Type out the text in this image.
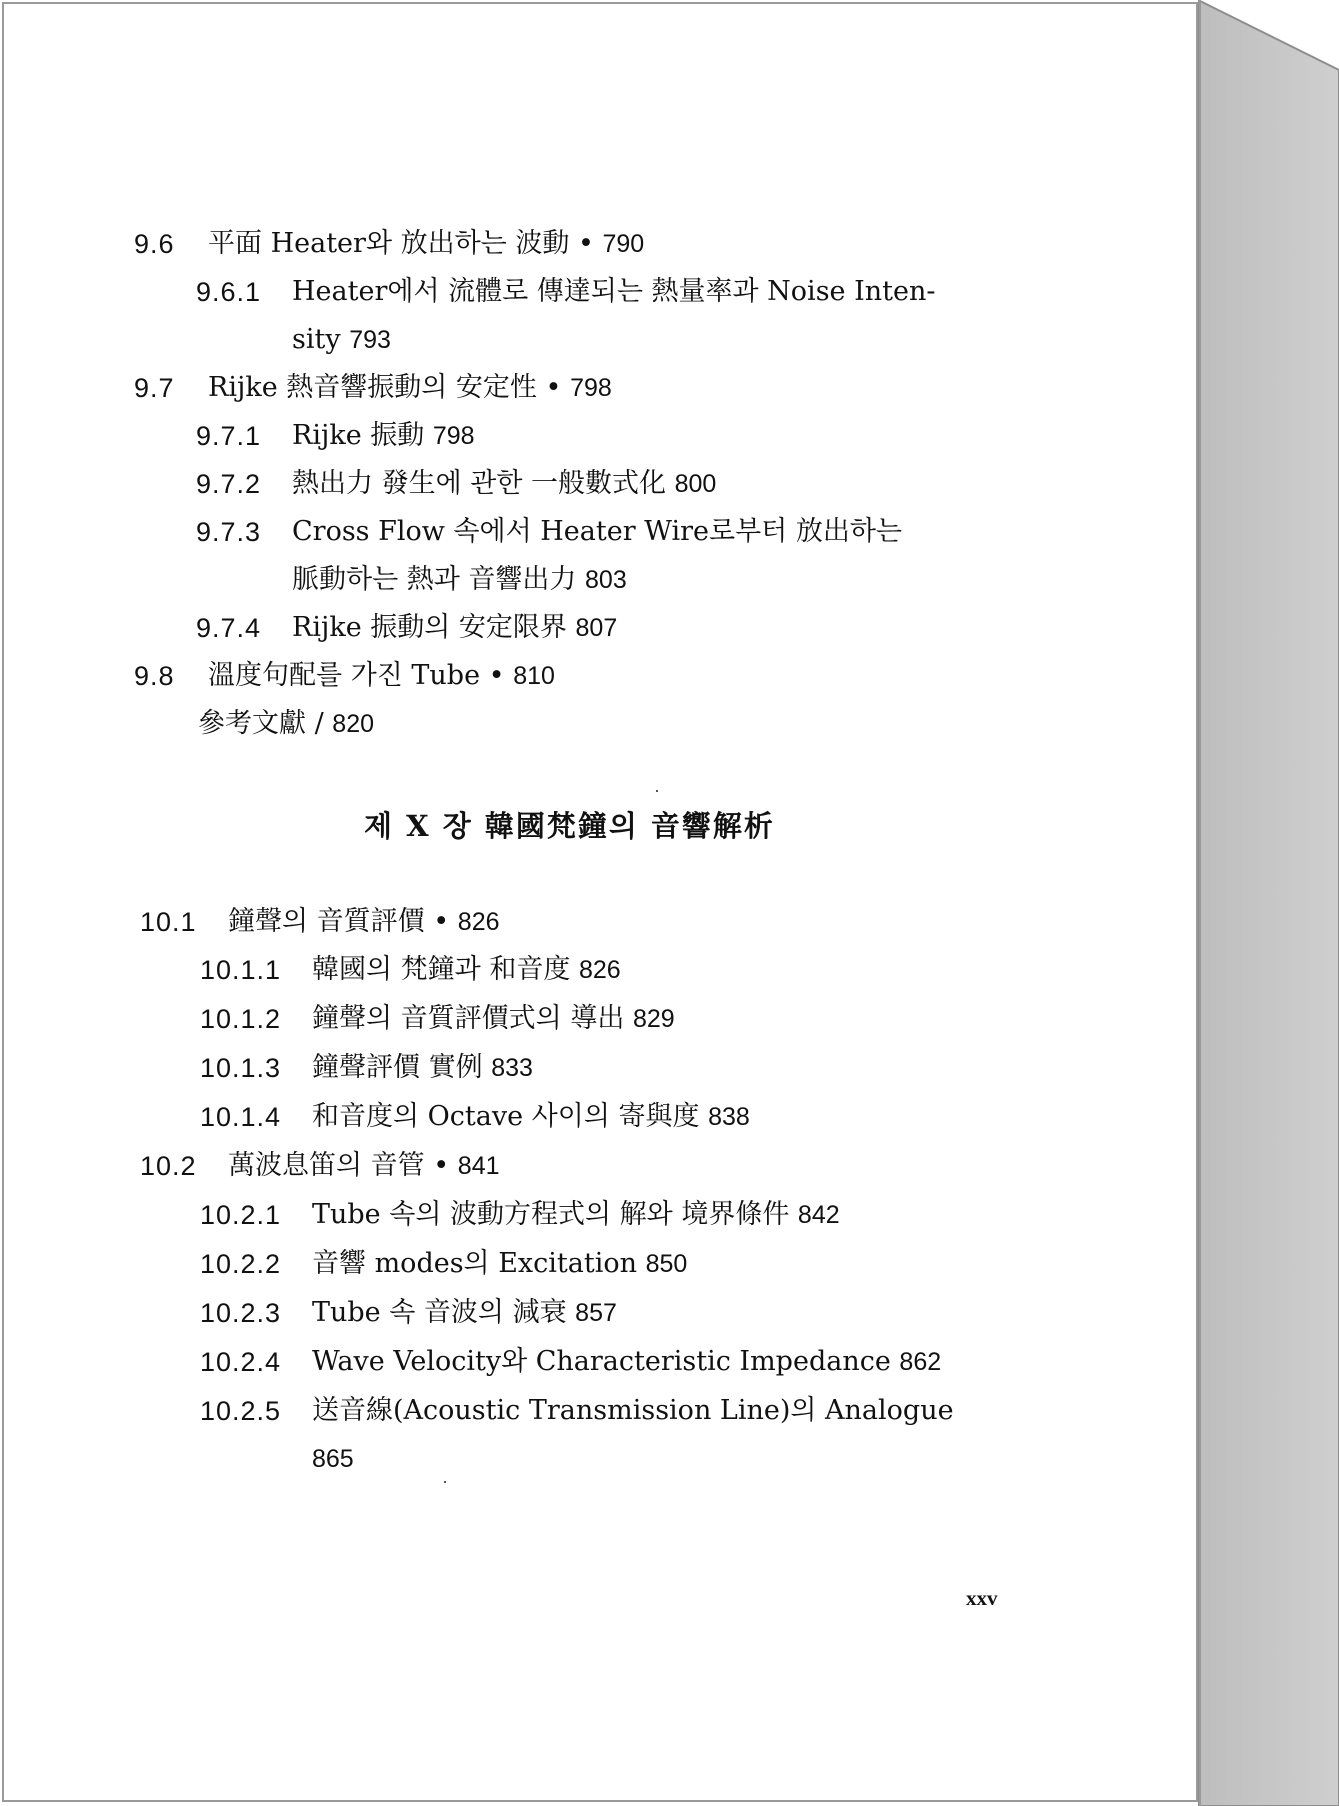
9.6 平面 Heater와 放出하는 波動 • 790
9.6.1 Heater에서 流體로 傳達되는 熱量率과 Noise Inten-
sity 793
9.7 Rijke 熱音響振動의 安定性 • 798
9.7.1 Rijke 振動 798
9.7.2 熱出力 發生에 관한 一般數式化 800
9.7.3 Cross Flow 속에서 Heater Wire로부터 放出하는
脈動하는 熱과 音響出力 803
9.7.4 Rijke 振動의 安定限界 807
9.8 溫度句配를 가진 Tube • 810
參考文獻 / 820
제 X 장 韓國梵鐘의 音響解析
10.1 鐘聲의 音質評價 • 826
10.1.1 韓國의 梵鐘과 和音度 826
10.1.2 鐘聲의 音質評價式의 導出 829
10.1.3 鐘聲評價 實例 833
10.1.4 和音度의 Octave 사이의 寄與度 838
10.2 萬波息笛의 音管 • 841
10.2.1 Tube 속의 波動方程式의 解와 境界條件 842
10.2.2 音響 modes의 Excitation 850
10.2.3 Tube 속 音波의 減衰 857
10.2.4 Wave Velocity와 Characteristic Impedance 862
10.2.5 送音線(Acoustic Transmission Line)의 Analogue
865
xxv
